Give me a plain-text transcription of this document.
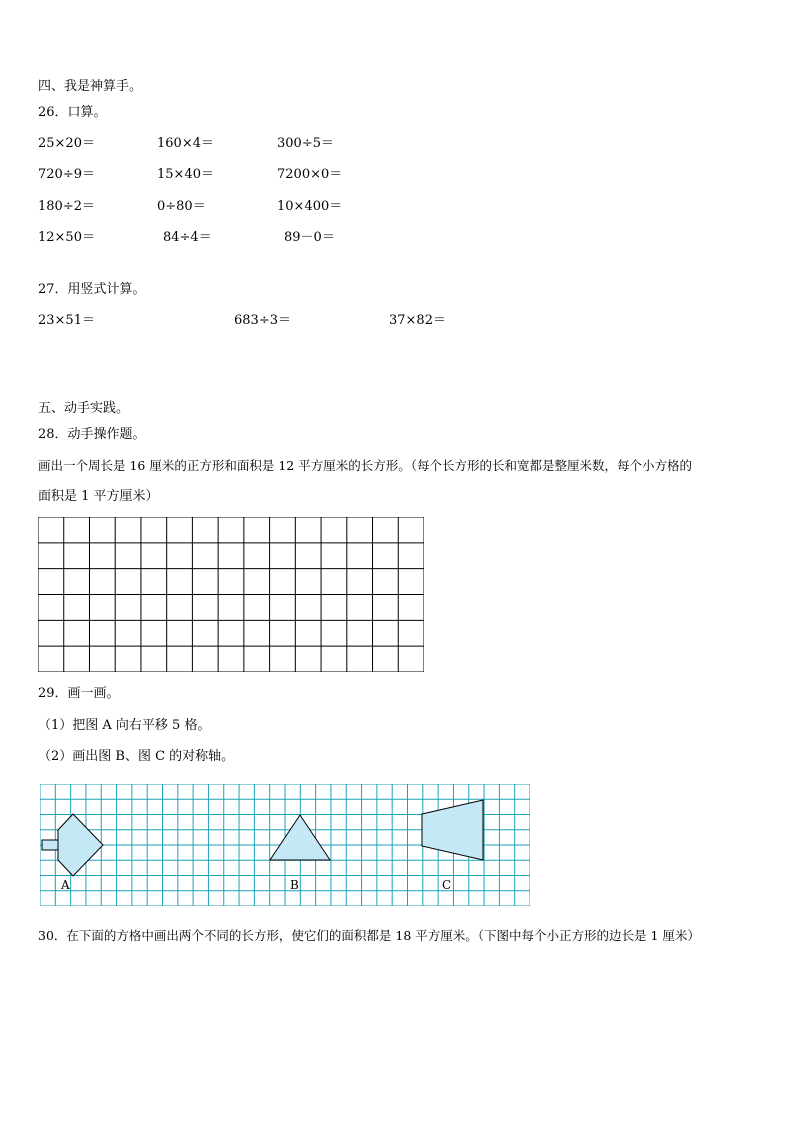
四、我是神算手。
26．口算。
25×20＝	160×4＝	300÷5＝
720÷9＝	15×40＝	7200×0＝
180÷2＝	0÷80＝	10×400＝
12×50＝	84÷4＝	89－0＝
27．用竖式计算。
23×51＝	683÷3＝	37×82＝
五、动手实践。
28．动手操作题。
画出一个周长是 16 厘米的正方形和面积是 12 平方厘米的长方形。（每个长方形的长和宽都是整厘米数，每个小方格的
面积是 1 平方厘米）
29．画一画。
（1）把图 A 向右平移 5 格。
（2）画出图 B、图 C 的对称轴。
A	B	C
30．在下面的方格中画出两个不同的长方形，使它们的面积都是 18 平方厘米。（下图中每个小正方形的边长是 1 厘米）
